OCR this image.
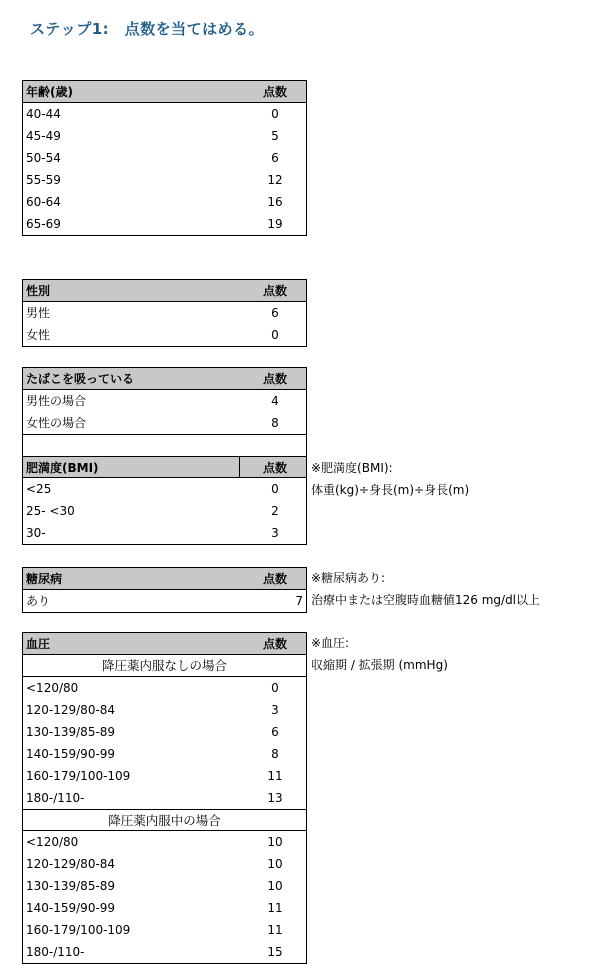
ステップ1:　点数を当てはめる。
年齢(歳)	点数
40-44	0
45-49	5
50-54	6
55-59	12
60-64	16
65-69	19
性別	点数
男性	6
女性	0
たばこを吸っている	点数
男性の場合	4
女性の場合	8
肥満度(BMI)	点数
<25	0
25- <30	2
30-	3
※肥満度(BMI):
体重(kg)÷身長(m)÷身長(m)
糖尿病	点数
あり	7
※糖尿病あり:
治療中または空腹時血糖値126 mg/dl以上
血圧	点数
降圧薬内服なしの場合
<120/80	0
120-129/80-84	3
130-139/85-89	6
140-159/90-99	8
160-179/100-109	11
180-/110-	13
降圧薬内服中の場合
<120/80	10
120-129/80-84	10
130-139/85-89	10
140-159/90-99	11
160-179/100-109	11
180-/110-	15
※血圧:
収縮期 / 拡張期 (mmHg)
